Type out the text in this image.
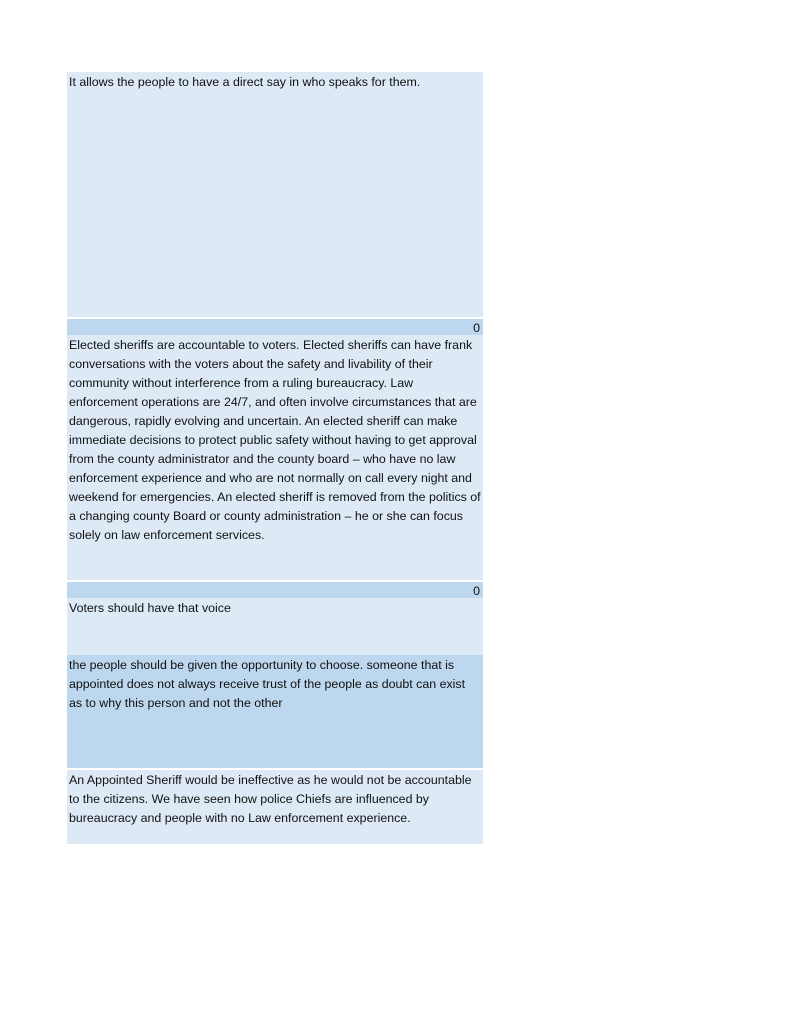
It allows the people to have a direct say in who speaks for them.
0
Elected sheriffs are accountable to voters. Elected sheriffs can have frank conversations with the voters about the safety and livability of their community without interference from a ruling bureaucracy. Law enforcement operations are 24/7, and often involve circumstances that are dangerous, rapidly evolving and uncertain. An elected sheriff can make immediate decisions to protect public safety without having to get approval from the county administrator and the county board – who have no law enforcement experience and who are not normally on call every night and weekend for emergencies. An elected sheriff is removed from the politics of a changing county Board or county administration – he or she can focus solely on law enforcement services.
0
Voters should have that voice
the people should be given the opportunity to choose. someone that is appointed does not always receive trust of the people as doubt can exist as to why this person and not the other
An Appointed Sheriff would be ineffective as he would not be accountable to the citizens. We have seen how police Chiefs are influenced by bureaucracy and people with no Law enforcement experience.
